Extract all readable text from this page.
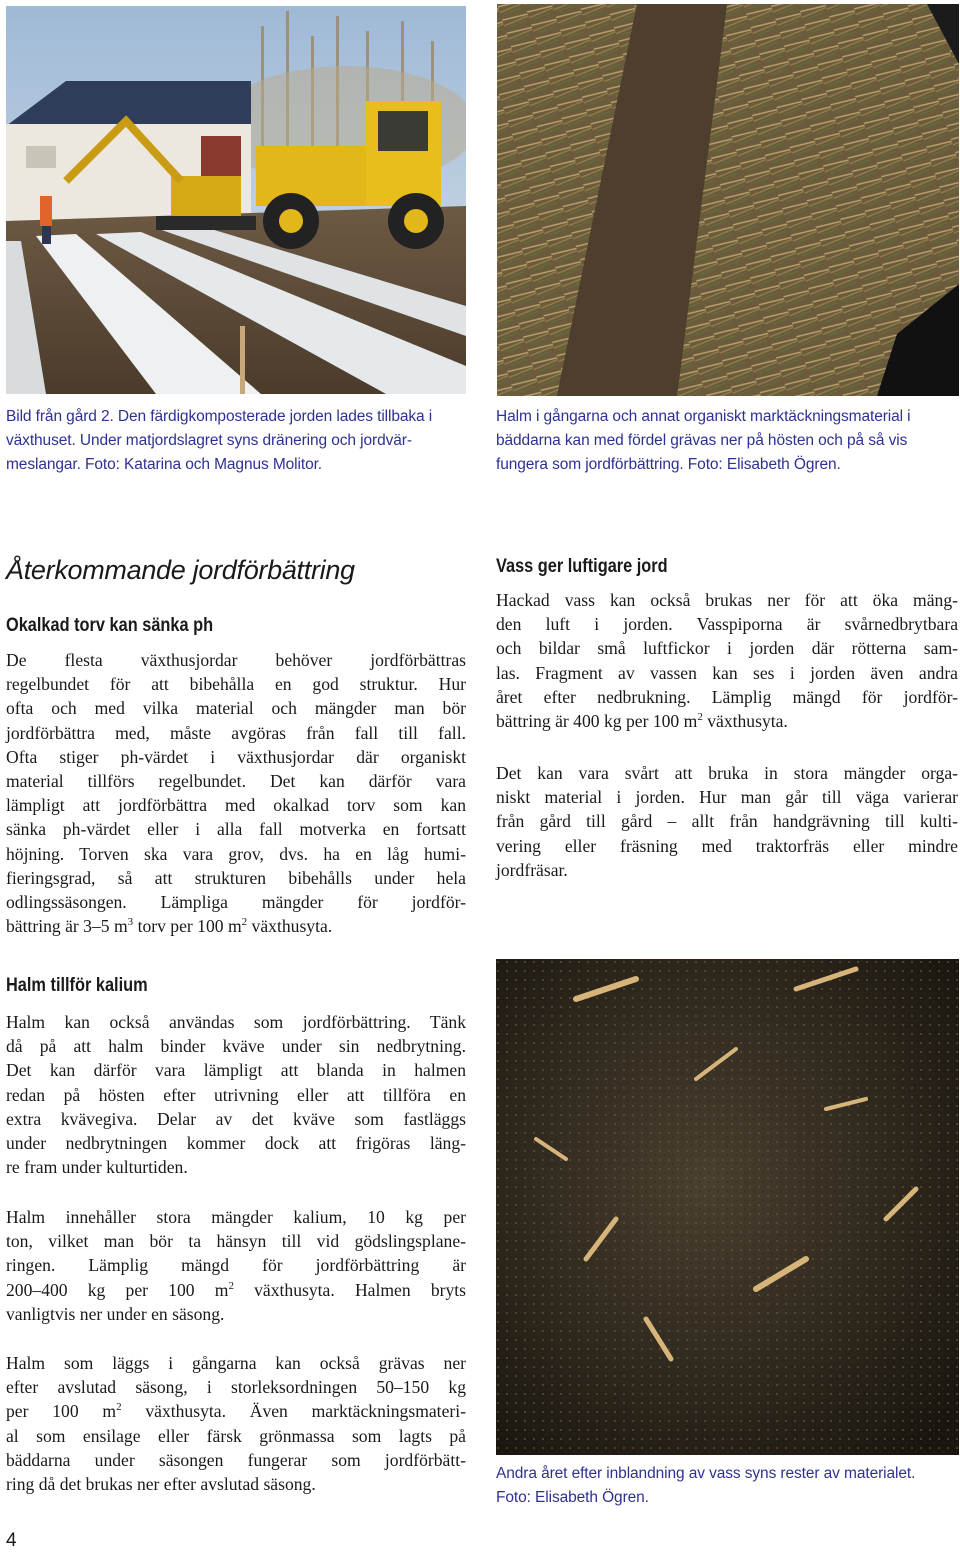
Bild från gård 2. Den färdigkomposterade jorden lades tillbaka i
växthuset. Under matjordslagret syns dränering och jordvär-
meslangar. Foto: Katarina och Magnus Molitor.

Halm i gångarna och annat organiskt marktäckningsmaterial i
bäddarna kan med fördel grävas ner på hösten och på så vis
fungera som jordförbättring. Foto: Elisabeth Ögren.

Andra året efter inblandning av vass syns rester av materialet.
Foto: Elisabeth Ögren.

Återkommande jordförbättring
Okalkad torv kan sänka ph
De flesta växthusjordar behöver jordförbättras
regelbundet för att bibehålla en god struktur. Hur
ofta och med vilka material och mängder man bör
jordförbättra med, måste avgöras från fall till fall.
Ofta stiger ph-värdet i växthusjordar där organiskt
material tillförs regelbundet. Det kan därför vara
lämpligt att jordförbättra med okalkad torv som kan
sänka ph-värdet eller i alla fall motverka en fortsatt
höjning. Torven ska vara grov, dvs. ha en låg humi-
fieringsgrad, så att strukturen bibehålls under hela
odlingssäsongen. Lämpliga mängder för jordför-
bättring är 3–5 $m^3$ torv per 100 $m^2$ växthusyta.
Halm tillför kalium
Halm kan också användas som jordförbättring. Tänk
då på att halm binder kväve under sin nedbrytning.
Det kan därför vara lämpligt att blanda in halmen
redan på hösten efter utrivning eller att tillföra en
extra kvävegiva. Delar av det kväve som fastläggs
under nedbrytningen kommer dock att frigöras läng-
re fram under kulturtiden.
Halm innehåller stora mängder kalium, 10 kg per
ton, vilket man bör ta hänsyn till vid gödslingsplane-
ringen. Lämplig mängd för jordförbättring är
200–400 kg per 100 $m^2$ växthusyta. Halmen bryts
vanligtvis ner under en säsong.
Halm som läggs i gångarna kan också grävas ner
efter avslutad säsong, i storleksordningen 50–150 kg
per 100 $m^2$ växthusyta. Även marktäckningsmateri-
al som ensilage eller färsk grönmassa som lagts på
bäddarna under säsongen fungerar som jordförbätt-
ring då det brukas ner efter avslutad säsong.
Vass ger luftigare jord
Hackad vass kan också brukas ner för att öka mäng-
den luft i jorden. Vasspiporna är svårnedbrytbara
och bildar små luftfickor i jorden där rötterna sam-
las. Fragment av vassen kan ses i jorden även andra
året efter nedbrukning. Lämplig mängd för jordför-
bättring är 400 kg per 100 $m^2$ växthusyta.
Det kan vara svårt att bruka in stora mängder orga-
niskt material i jorden. Hur man går till väga varierar
från gård till gård – allt från handgrävning till kulti-
vering eller fräsning med traktorfräs eller mindre
jordfräsar.

4
